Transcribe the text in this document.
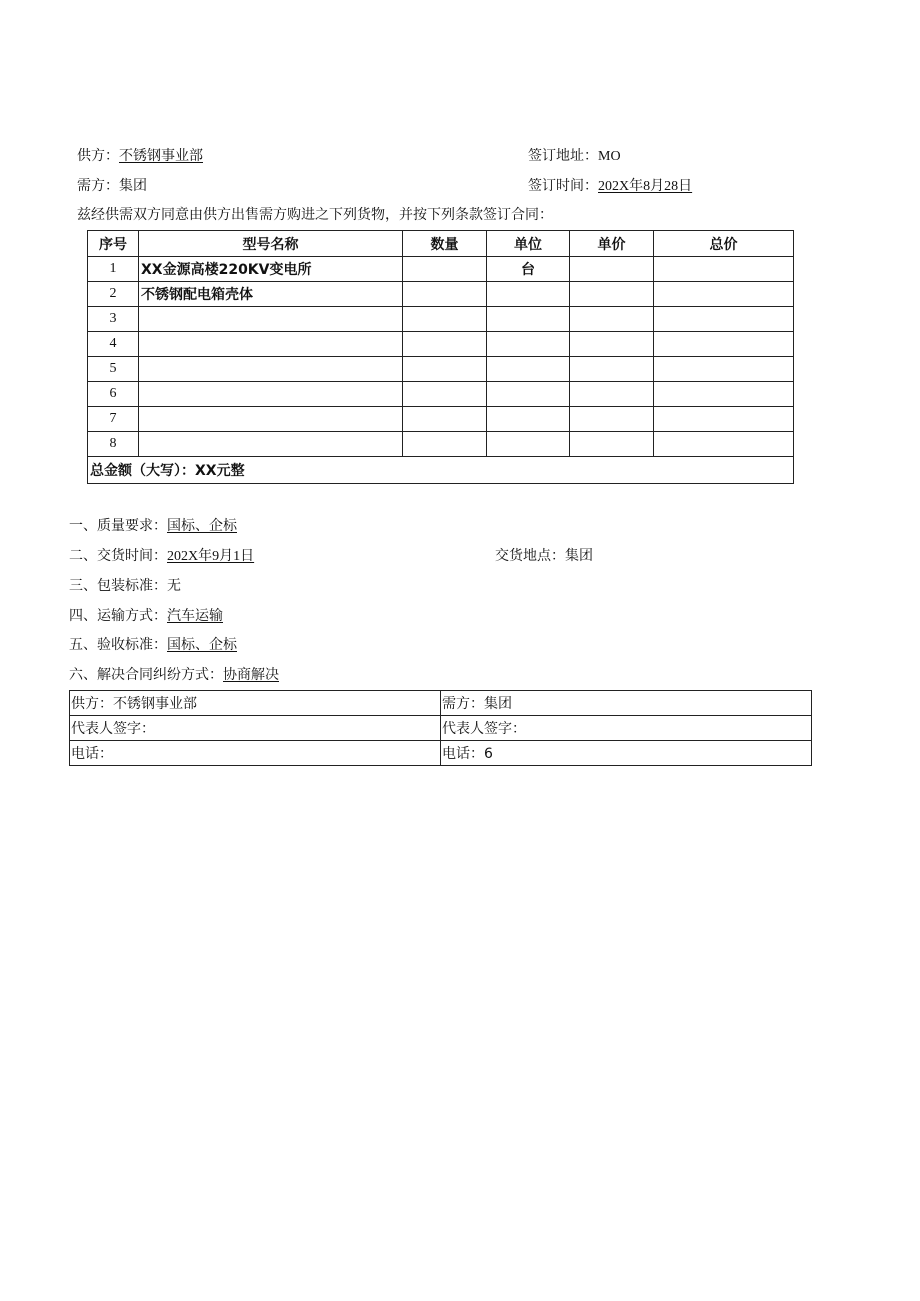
供方：不锈钢事业部	签订地址：MO
需方：集团	签订时间：202X年8月28日
兹经供需双方同意由供方出售需方购进之下列货物，并按下列条款签订合同：
序号	型号名称	数量	单位	单价	总价
1	XX金源高楼220KV变电所		台		
2	不锈钢配电箱壳体				
3					
4					
5					
6					
7					
8					
总金额（大写）：XX元整					
一、质量要求：国标、企标
二、交货时间：202X年9月1日	交货地点：集团
三、包装标准：无
四、运输方式：汽车运输
五、验收标准：国标、企标
六、解决合同纠纷方式：协商解决
供方：不锈钢事业部	需方：集团
代表人签字：	代表人签字：
电话：	电话：6
